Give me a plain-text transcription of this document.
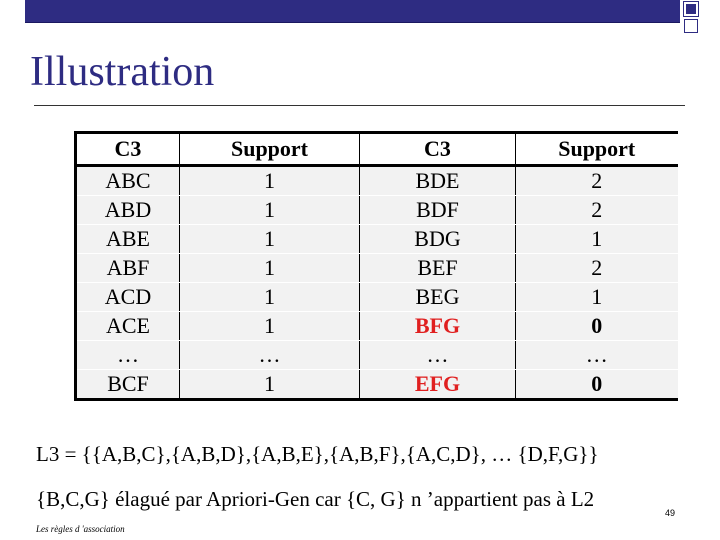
Illustration
C3	Support	C3	Support
ABC	1	BDE	2
ABD	1	BDF	2
ABE	1	BDG	1
ABF	1	BEF	2
ACD	1	BEG	1
ACE	1	BFG	0
…	…	…	…
BCF	1	EFG	0
L3 = {{A,B,C},{A,B,D},{A,B,E},{A,B,F},{A,C,D}, … {D,F,G}}
{B,C,G} élagué par Apriori-Gen car {C, G} n ’appartient pas à L2
Les règles d 'association
49
